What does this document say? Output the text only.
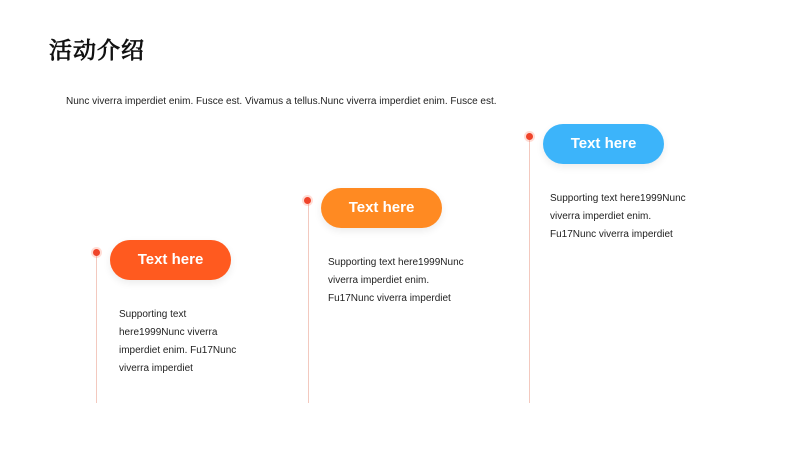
活动介绍
Nunc viverra imperdiet enim. Fusce est. Vivamus a tellus.Nunc viverra imperdiet enim. Fusce est.
Text here
Supporting text
here1999Nunc viverra
imperdiet enim. Fu17Nunc
viverra imperdiet
Text here
Supporting text here1999Nunc
viverra imperdiet enim.
Fu17Nunc viverra imperdiet
Text here
Supporting text here1999Nunc
viverra imperdiet enim.
Fu17Nunc viverra imperdiet
